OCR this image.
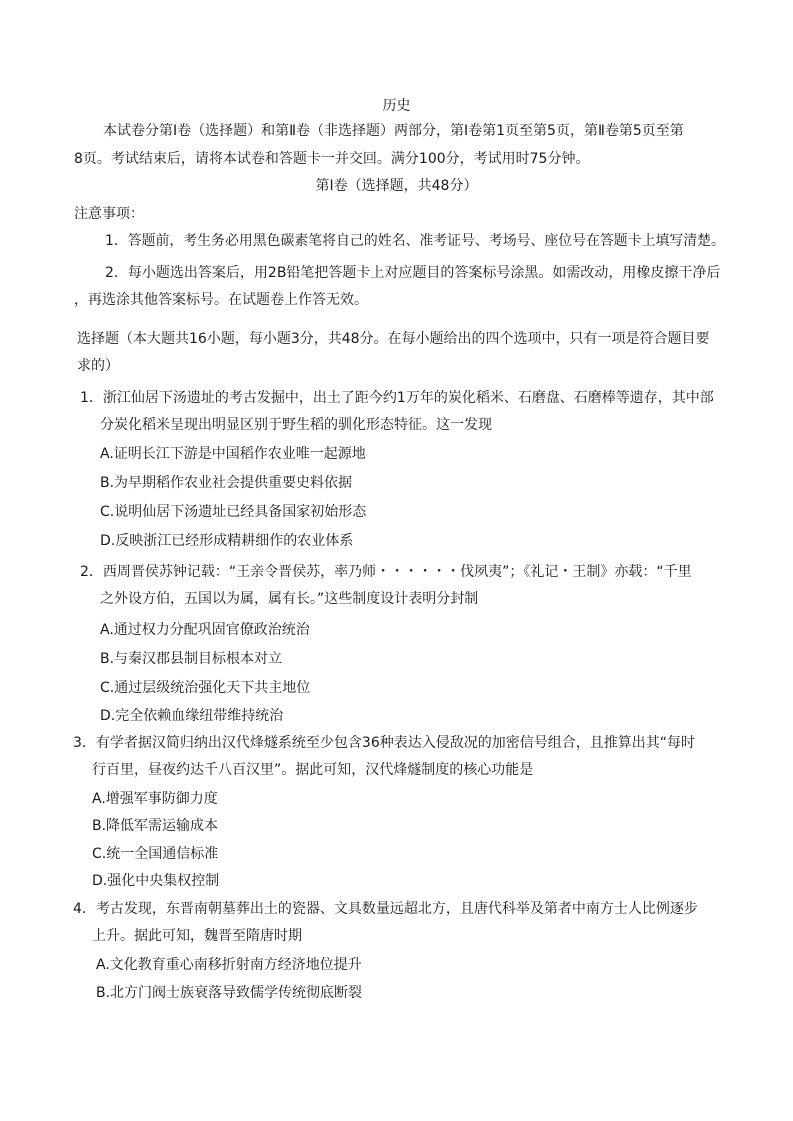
历史
本试卷分第Ⅰ卷（选择题）和第Ⅱ卷（非选择题）两部分，第Ⅰ卷第1页至第5页，第Ⅱ卷第5页至第
8页。考试结束后，请将本试卷和答题卡一并交回。满分100分，考试用时75分钟。
第Ⅰ卷（选择题，共48分）
注意事项：
1．答题前，考生务必用黑色碳素笔将自己的姓名、准考证号、考场号、座位号在答题卡上填写清楚。
2．每小题选出答案后，用2B铅笔把答题卡上对应题目的答案标号涂黑。如需改动，用橡皮擦干净后
，再选涂其他答案标号。在试题卷上作答无效。
选择题（本大题共16小题，每小题3分，共48分。在每小题给出的四个选项中，只有一项是符合题目要
求的）
1．浙江仙居下汤遗址的考古发掘中，出土了距今约1万年的炭化稻米、石磨盘、石磨棒等遗存，其中部
分炭化稻米呈现出明显区别于野生稻的驯化形态特征。这一发现
A.证明长江下游是中国稻作农业唯一起源地
B.为早期稻作农业社会提供重要史料依据
C.说明仙居下汤遗址已经具备国家初始形态
D.反映浙江已经形成精耕细作的农业体系
2．西周晋侯苏钟记载：“王亲令晋侯苏，率乃师・・・・・・伐夙夷”；《礼记・王制》亦载：“千里
之外设方伯，五国以为属，属有长。”这些制度设计表明分封制
A.通过权力分配巩固官僚政治统治
B.与秦汉郡县制目标根本对立
C.通过层级统治强化天下共主地位
D.完全依赖血缘纽带维持统治
3．有学者据汉简归纳出汉代烽燧系统至少包含36种表达入侵敌况的加密信号组合，且推算出其“每时
行百里，昼夜约达千八百汉里”。据此可知，汉代烽燧制度的核心功能是
A.增强军事防御力度
B.降低军需运输成本
C.统一全国通信标准
D.强化中央集权控制
4．考古发现，东晋南朝墓葬出土的瓷器、文具数量远超北方，且唐代科举及第者中南方士人比例逐步
上升。据此可知，魏晋至隋唐时期
A.文化教育重心南移折射南方经济地位提升
B.北方门阀士族衰落导致儒学传统彻底断裂
